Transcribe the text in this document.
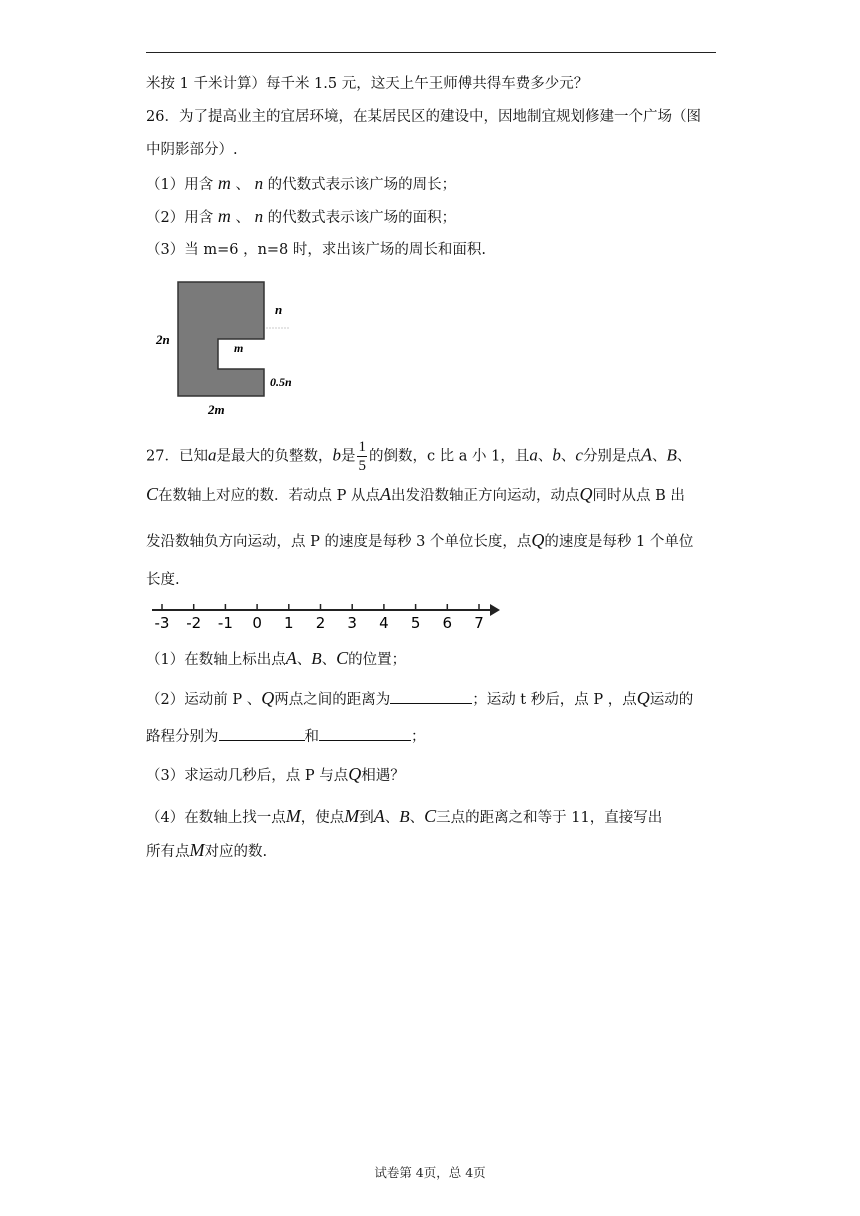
米按 1 千米计算）每千米 1.5 元，这天上午王师傅共得车费多少元？
26．为了提高业主的宜居环境，在某居民区的建设中，因地制宜规划修建一个广场（图
中阴影部分）.
（1）用含 m 、 n 的代数式表示该广场的周长；
（2）用含 m 、 n 的代数式表示该广场的面积；
（3）当 m=6 ，n=8 时，求出该广场的周长和面积.
n
2n
m
0.5n
2m
27．已知a是最大的负整数，b是 $\frac{1}{5}$ 的倒数，c 比 a 小 1，且a、b、c分别是点A、B、
C在数轴上对应的数．若动点 P 从点A出发沿数轴正方向运动，动点Q同时从点 B 出
发沿数轴负方向运动，点 P 的速度是每秒 3 个单位长度，点Q的速度是每秒 1 个单位
长度.
-3 -2 -1 0 1 2 3 4 5 6 7
（1）在数轴上标出点A、B、C的位置；
（2）运动前 P 、Q两点之间的距离为	；运动 t 秒后，点 P ，点Q运动的
路程分别为	和	；
（3）求运动几秒后，点 P 与点Q相遇？
（4）在数轴上找一点M，使点M到A、B、C三点的距离之和等于 11，直接写出
所有点M对应的数.
试卷第 4页，总 4页
